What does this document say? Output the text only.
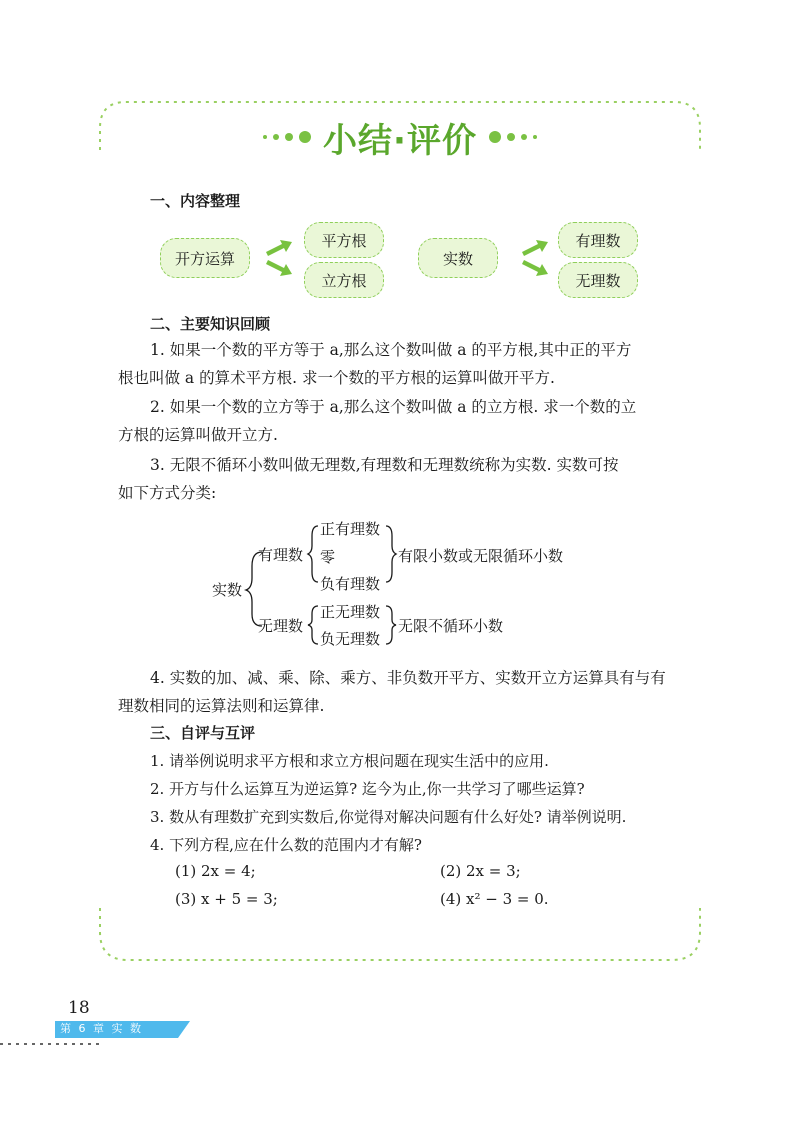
小结·评价
一、内容整理
开方运算
平方根
立方根
实数
有理数
无理数
二、主要知识回顾
1. 如果一个数的平方等于 a,那么这个数叫做 a 的平方根,其中正的平方
根也叫做 a 的算术平方根. 求一个数的平方根的运算叫做开平方.
2. 如果一个数的立方等于 a,那么这个数叫做 a 的立方根. 求一个数的立
方根的运算叫做开立方.
3. 无限不循环小数叫做无理数,有理数和无理数统称为实数. 实数可按
如下方式分类:
实数
有理数
无理数
正有理数
零
负有理数
正无理数
负无理数
有限小数或无限循环小数
无限不循环小数
4. 实数的加、减、乘、除、乘方、非负数开平方、实数开立方运算具有与有
理数相同的运算法则和运算律.
三、自评与互评
1. 请举例说明求平方根和求立方根问题在现实生活中的应用.
2. 开方与什么运算互为逆运算? 迄今为止,你一共学习了哪些运算?
3. 数从有理数扩充到实数后,你觉得对解决问题有什么好处? 请举例说明.
4. 下列方程,应在什么数的范围内才有解?
(1) 2x = 4;	(2) 2x = 3;
(3) x + 5 = 3;	(4) x² − 3 = 0.
18
第 6 章 实 数
